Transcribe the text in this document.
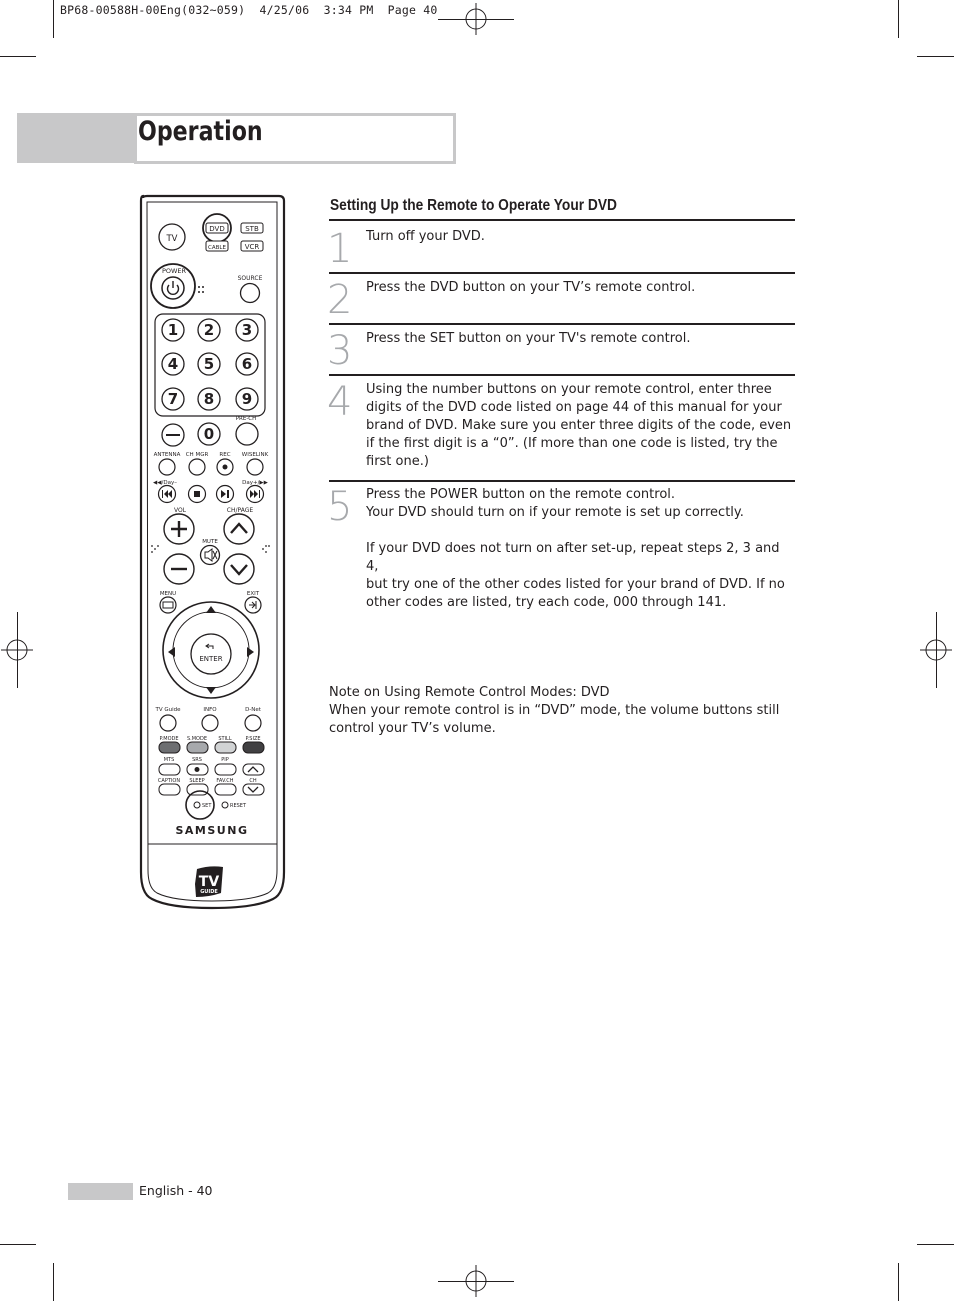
BP68-00588H-00Eng(032~059)  4/25/06  3:34 PM  Page 40
Operation
TV
DVD	STB
CABLE	VCR
POWER
SOURCE
1 2 3
4 5 6
7 8 9
0
PRE-CH
ANTENNA CH MGR REC WISELINK
◀◀/Day–	Day+/▶▶
VOL	CH/PAGE
MUTE
MENU	EXIT
ENTER
TV Guide	INFO	D-Net
P.MODE S.MODE STILL	P.SIZE
MTS	SRS	PIP
CAPTION SLEEP FAV.CH	CH
SET	RESET
SAMSUNG
TV
GUIDE
Setting Up the Remote to Operate Your DVD
1 Turn off your DVD.
2 Press the DVD button on your TV’s remote control.
3 Press the SET button on your TV's remote control.
4 Using the number buttons on your remote control, enter three
digits of the DVD code listed on page 44 of this manual for your
brand of DVD. Make sure you enter three digits of the code, even
if the first digit is a “0”. (If more than one code is listed, try the
first one.)
5 Press the POWER button on the remote control.
Your DVD should turn on if your remote is set up correctly.

If your DVD does not turn on after set-up, repeat steps 2, 3 and 4,
but try one of the other codes listed for your brand of DVD. If no
other codes are listed, try each code, 000 through 141.
Note on Using Remote Control Modes: DVD
When your remote control is in “DVD” mode, the volume buttons still
control your TV’s volume.
English - 40
